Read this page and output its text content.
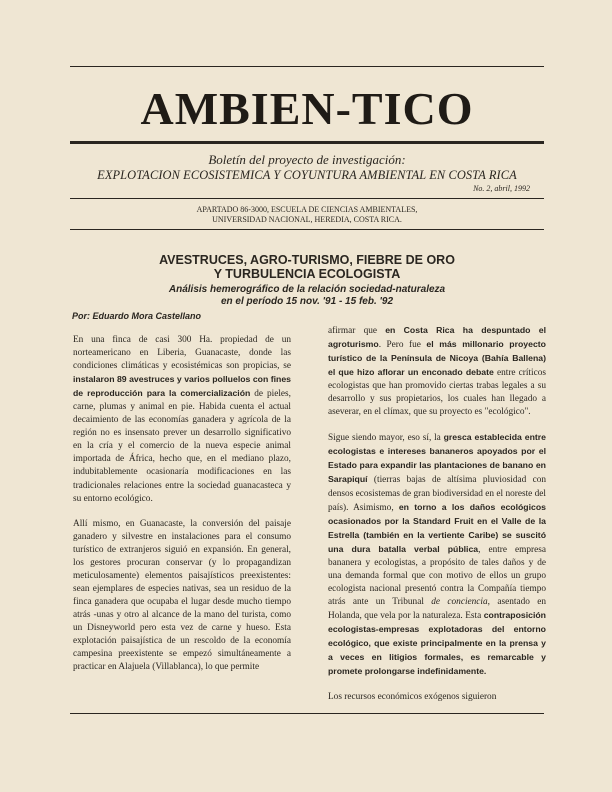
AMBIEN-TICO
Boletín del proyecto de investigación:
EXPLOTACION ECOSISTEMICA Y COYUNTURA AMBIENTAL EN COSTA RICA
No. 2, abril, 1992
APARTADO 86-3000, ESCUELA DE CIENCIAS AMBIENTALES,
UNIVERSIDAD NACIONAL, HEREDIA, COSTA RICA.
AVESTRUCES, AGRO-TURISMO, FIEBRE DE ORO
Y TURBULENCIA ECOLOGISTA
Análisis hemerográfico de la relación sociedad-naturaleza
en el período 15 nov. '91 - 15 feb. '92
Por: Eduardo Mora Castellano

En una finca de casi 300 Ha. propiedad de un norteamericano en Liberia, Guanacaste, donde las condiciones climáticas y ecosistémicas son propicias, se instalaron 89 avestruces y varios polluelos con fines de reproducción para la comercialización de pieles, carne, plumas y animal en pie. Habida cuenta el actual decaimiento de las economías ganadera y agrícola de la región no es insensato prever un desarrollo significativo en la cría y el comercio de la nueva especie animal importada de África, hecho que, en el mediano plazo, indubitablemente ocasionaría modificaciones en las tradicionales relaciones entre la sociedad guanacasteca y su entorno ecológico.

Allí mismo, en Guanacaste, la conversión del paisaje ganadero y silvestre en instalaciones para el consumo turístico de extranjeros siguió en expansión. En general, los gestores procuran conservar (y lo propagandizan meticulosamente) elementos paisajísticos preexistentes: sean ejemplares de especies nativas, sea un residuo de la finca ganadera que ocupaba el lugar desde mucho tiempo atrás -unas y otro al alcance de la mano del turista, como un Disneyworld pero esta vez de carne y hueso. Esta explotación paisajística de un rescoldo de la economía campesina preexistente se empezó simultáneamente a practicar en Alajuela (Villablanca), lo que permite

afirmar que en Costa Rica ha despuntado el agroturismo. Pero fue el más millonario proyecto turístico de la Península de Nicoya (Bahía Ballena) el que hizo aflorar un enconado debate entre críticos ecologistas que han promovido ciertas trabas legales a su desarrollo y sus propietarios, los cuales han llegado a aseverar, en el clímax, que su proyecto es "ecológico".

Sigue siendo mayor, eso sí, la gresca establecida entre ecologistas e intereses bananeros apoyados por el Estado para expandir las plantaciones de banano en Sarapiquí (tierras bajas de altísima pluviosidad con densos ecosistemas de gran biodiversidad en el noreste del país). Asimismo, en torno a los daños ecológicos ocasionados por la Standard Fruit en el Valle de la Estrella (también en la vertiente Caribe) se suscitó una dura batalla verbal pública, entre empresa bananera y ecologistas, a propósito de tales daños y de una demanda formal que con motivo de ellos un grupo ecologista nacional presentó contra la Compañía tiempo atrás ante un Tribunal de conciencia, asentado en Holanda, que vela por la naturaleza. Esta contraposición ecologistas-empresas explotadoras del entorno ecológico, que existe principalmente en la prensa y a veces en litigios formales, es remarcable y promete prolongarse indefinidamente.

Los recursos económicos exógenos siguieron
